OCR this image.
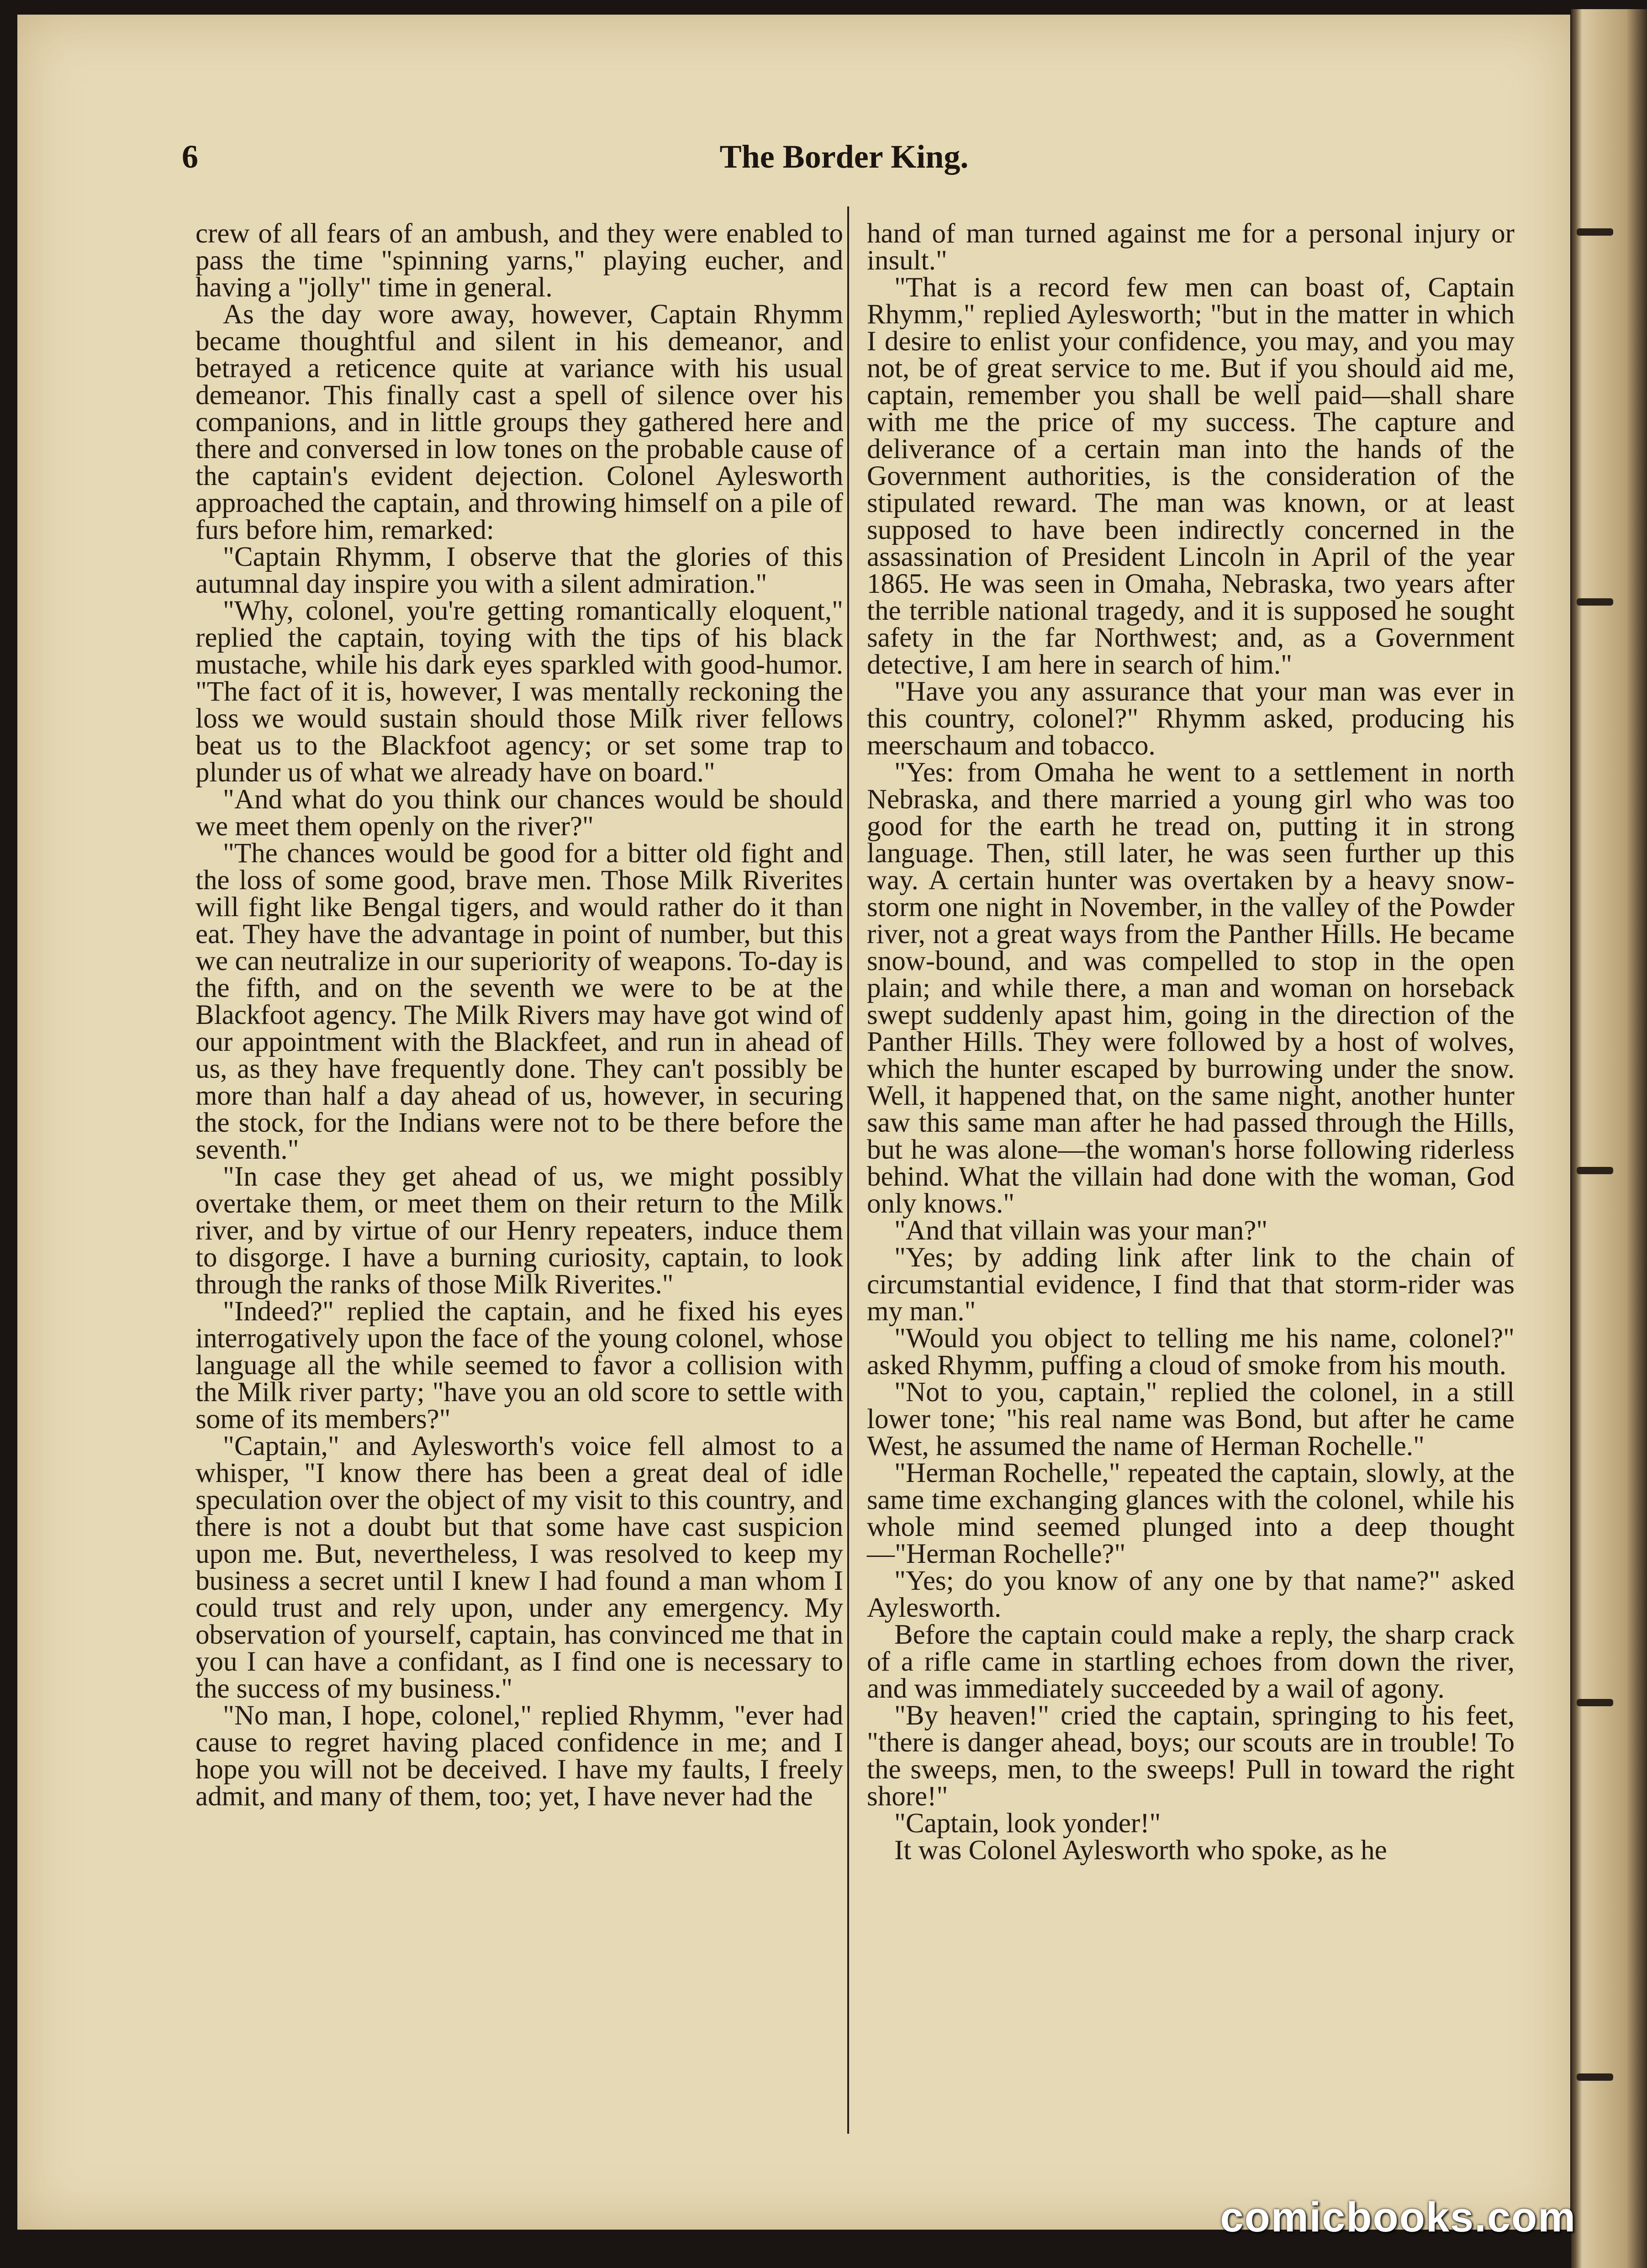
6	The Border King.

crew of all fears of an ambush, and they were enabled to pass the time "spinning yarns," playing eucher, and having a "jolly" time in general.

As the day wore away, however, Captain Rhymm became thoughtful and silent in his demeanor, and betrayed a reticence quite at variance with his usual demeanor. This finally cast a spell of silence over his companions, and in little groups they gathered here and there and conversed in low tones on the probable cause of the captain's evident dejection. Colonel Aylesworth approached the captain, and throwing himself on a pile of furs before him, remarked:

"Captain Rhymm, I observe that the glories of this autumnal day inspire you with a silent admiration."

"Why, colonel, you're getting romantically eloquent," replied the captain, toying with the tips of his black mustache, while his dark eyes sparkled with good-humor. "The fact of it is, however, I was mentally reckoning the loss we would sustain should those Milk river fellows beat us to the Blackfoot agency; or set some trap to plunder us of what we already have on board."

"And what do you think our chances would be should we meet them openly on the river?"

"The chances would be good for a bitter old fight and the loss of some good, brave men. Those Milk Riverites will fight like Bengal tigers, and would rather do it than eat. They have the advantage in point of number, but this we can neutralize in our superiority of weapons. To-day is the fifth, and on the seventh we were to be at the Blackfoot agency. The Milk Rivers may have got wind of our appointment with the Blackfeet, and run in ahead of us, as they have frequently done. They can't possibly be more than half a day ahead of us, however, in securing the stock, for the Indians were not to be there before the seventh."

"In case they get ahead of us, we might possibly overtake them, or meet them on their return to the Milk river, and by virtue of our Henry repeaters, induce them to disgorge. I have a burning curiosity, captain, to look through the ranks of those Milk Riverites."

"Indeed?" replied the captain, and he fixed his eyes interrogatively upon the face of the young colonel, whose language all the while seemed to favor a collision with the Milk river party; "have you an old score to settle with some of its members?"

"Captain," and Aylesworth's voice fell almost to a whisper, "I know there has been a great deal of idle speculation over the object of my visit to this country, and there is not a doubt but that some have cast suspicion upon me. But, nevertheless, I was resolved to keep my business a secret until I knew I had found a man whom I could trust and rely upon, under any emergency. My observation of yourself, captain, has convinced me that in you I can have a confidant, as I find one is necessary to the success of my business."

"No man, I hope, colonel," replied Rhymm, "ever had cause to regret having placed confidence in me; and I hope you will not be deceived. I have my faults, I freely admit, and many of them, too; yet, I have never had the

hand of man turned against me for a personal injury or insult."

"That is a record few men can boast of, Captain Rhymm," replied Aylesworth; "but in the matter in which I desire to enlist your confidence, you may, and you may not, be of great service to me. But if you should aid me, captain, remember you shall be well paid—shall share with me the price of my success. The capture and deliverance of a certain man into the hands of the Government authorities, is the consideration of the stipulated reward. The man was known, or at least supposed to have been indirectly concerned in the assassination of President Lincoln in April of the year 1865. He was seen in Omaha, Nebraska, two years after the terrible national tragedy, and it is supposed he sought safety in the far Northwest; and, as a Government detective, I am here in search of him."

"Have you any assurance that your man was ever in this country, colonel?" Rhymm asked, producing his meerschaum and tobacco.

"Yes: from Omaha he went to a settlement in north Nebraska, and there married a young girl who was too good for the earth he tread on, putting it in strong language. Then, still later, he was seen further up this way. A certain hunter was overtaken by a heavy snow-storm one night in November, in the valley of the Powder river, not a great ways from the Panther Hills. He became snow-bound, and was compelled to stop in the open plain; and while there, a man and woman on horseback swept suddenly apast him, going in the direction of the Panther Hills. They were followed by a host of wolves, which the hunter escaped by burrowing under the snow. Well, it happened that, on the same night, another hunter saw this same man after he had passed through the Hills, but he was alone—the woman's horse following riderless behind. What the villain had done with the woman, God only knows."

"And that villain was your man?"

"Yes; by adding link after link to the chain of circumstantial evidence, I find that that storm-rider was my man."

"Would you object to telling me his name, colonel?" asked Rhymm, puffing a cloud of smoke from his mouth.

"Not to you, captain," replied the colonel, in a still lower tone; "his real name was Bond, but after he came West, he assumed the name of Herman Rochelle."

"Herman Rochelle," repeated the captain, slowly, at the same time exchanging glances with the colonel, while his whole mind seemed plunged into a deep thought—"Herman Rochelle?"

"Yes; do you know of any one by that name?" asked Aylesworth.

Before the captain could make a reply, the sharp crack of a rifle came in startling echoes from down the river, and was immediately succeeded by a wail of agony.

"By heaven!" cried the captain, springing to his feet, "there is danger ahead, boys; our scouts are in trouble! To the sweeps, men, to the sweeps! Pull in toward the right shore!"

"Captain, look yonder!"

It was Colonel Aylesworth who spoke, as he

comicbooks.com
